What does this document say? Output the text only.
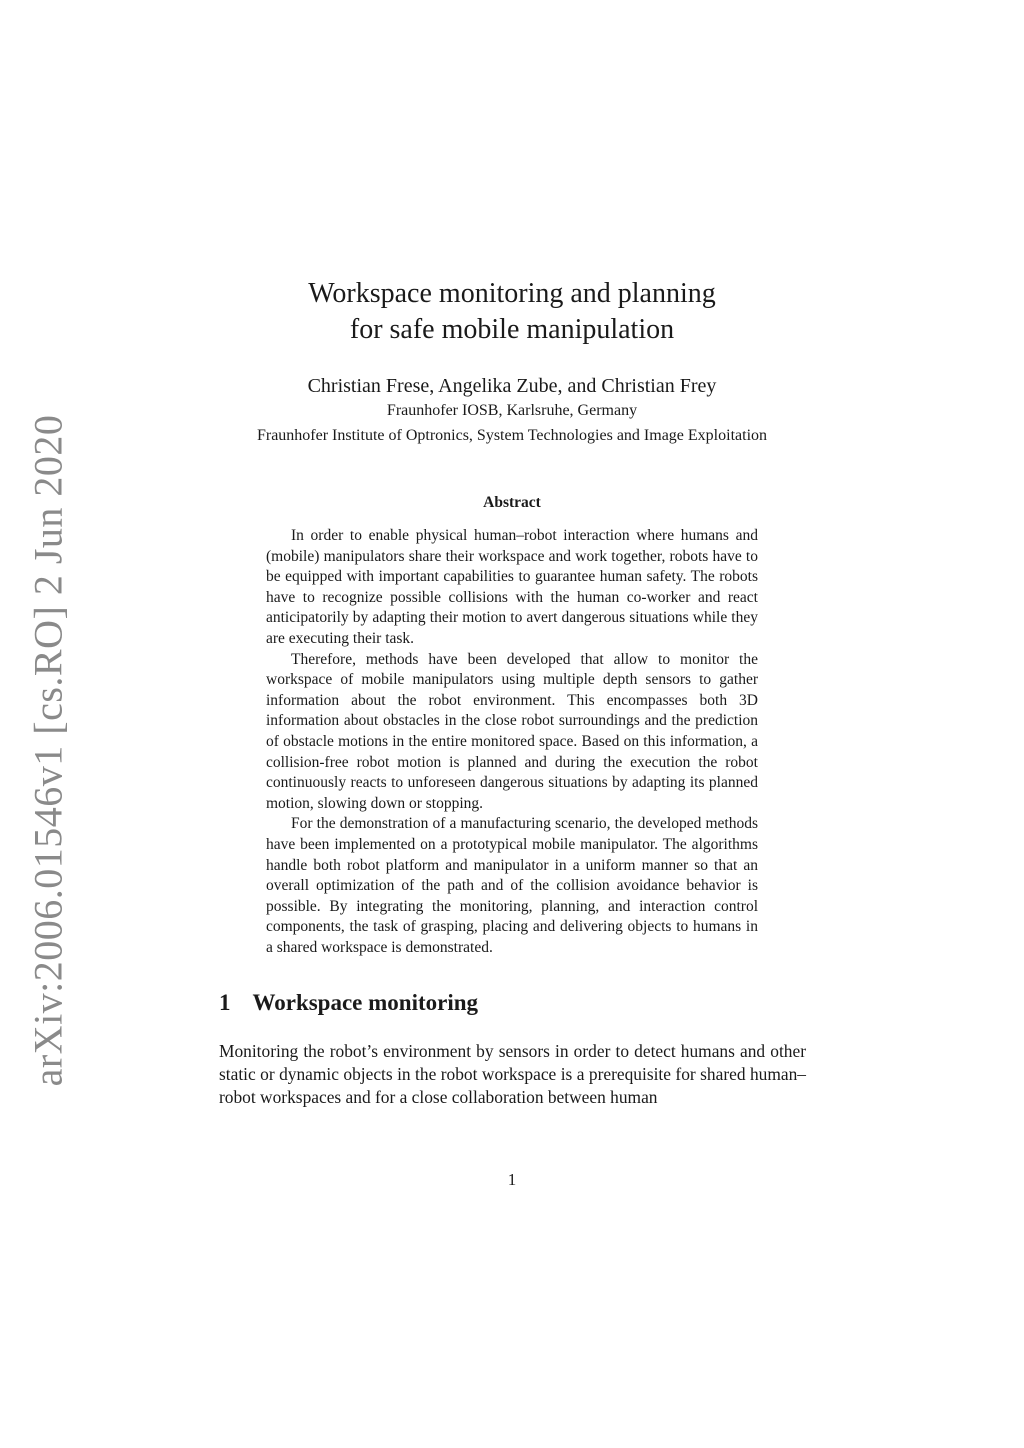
arXiv:2006.01546v1 [cs.RO] 2 Jun 2020
Workspace monitoring and planning
for safe mobile manipulation
Christian Frese, Angelika Zube, and Christian Frey
Fraunhofer IOSB, Karlsruhe, Germany
Fraunhofer Institute of Optronics, System Technologies and Image Exploitation
Abstract

In order to enable physical human–robot interaction where humans and (mobile) manipulators share their workspace and work together, robots have to be equipped with important capabilities to guarantee human safety. The robots have to recognize possible collisions with the human co-worker and react anticipatorily by adapting their motion to avert dangerous situations while they are executing their task.

Therefore, methods have been developed that allow to monitor the workspace of mobile manipulators using multiple depth sensors to gather information about the robot environment. This encompasses both 3D information about obstacles in the close robot surroundings and the prediction of obstacle motions in the entire monitored space. Based on this information, a collision-free robot motion is planned and during the execution the robot continuously reacts to unforeseen dangerous situations by adapting its planned motion, slowing down or stopping.

For the demonstration of a manufacturing scenario, the developed methods have been implemented on a prototypical mobile manipulator. The algorithms handle both robot platform and manipulator in a uniform manner so that an overall optimization of the path and of the collision avoidance behavior is possible. By integrating the monitoring, planning, and interaction control components, the task of grasping, placing and delivering objects to humans in a shared workspace is demonstrated.

1 Workspace monitoring

Monitoring the robot’s environment by sensors in order to detect humans and other static or dynamic objects in the robot workspace is a prerequisite for shared human–robot workspaces and for a close collaboration between human

1
